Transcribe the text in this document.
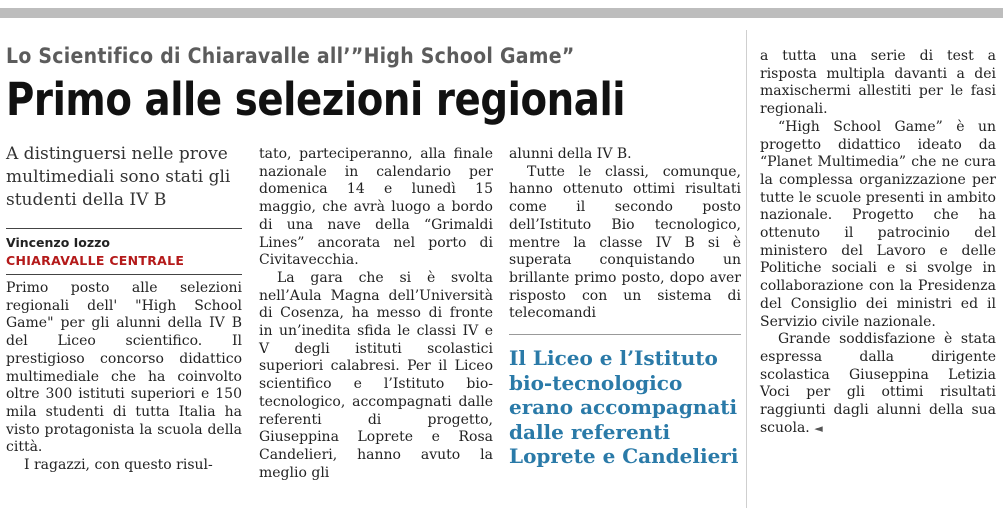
Lo Scientifico di Chiaravalle all’”High School Game”
Primo alle selezioni regionali

A distinguersi nelle prove multimediali sono stati gli studenti della IV B

Vincenzo Iozzo

CHIARAVALLE CENTRALE

Primo posto alle selezioni regionali dell' "High School Game" per gli alunni della IV B del Liceo scientifico. Il prestigioso concorso didattico multimediale che ha coinvolto oltre 300 istituti superiori e 150 mila studenti di tutta Italia ha visto protagonista la scuola della città.

I ragazzi, con questo risul-

tato, parteciperanno, alla finale nazionale in calendario per domenica 14 e lunedì 15 maggio, che avrà luogo a bordo di una nave della “Grimaldi Lines” ancorata nel porto di Civitavecchia.

La gara che si è svolta nell’Aula Magna dell’Università di Cosenza, ha messo di fronte in un’inedita sfida le classi IV e V degli istituti scolastici superiori calabresi. Per il Liceo scientifico e l’Istituto bio-tecnologico, accompagnati dalle referenti di progetto, Giuseppina Loprete e Rosa Candelieri, hanno avuto la meglio gli

alunni della IV B.

Tutte le classi, comunque, hanno ottenuto ottimi risultati come il secondo posto dell’Istituto Bio tecnologico, mentre la classe IV B si è superata conquistando un brillante primo posto, dopo aver risposto con un sistema di telecomandi

Il Liceo e l’Istituto bio-tecnologico erano accompagnati dalle referenti Loprete e Candelieri

a tutta una serie di test a risposta multipla davanti a dei maxischermi allestiti per le fasi regionali.

“High School Game” è un progetto didattico ideato da “Planet Multimedia” che ne cura la complessa organizzazione per tutte le scuole presenti in ambito nazionale. Progetto che ha ottenuto il patrocinio del ministero del Lavoro e delle Politiche sociali e si svolge in collaborazione con la Presidenza del Consiglio dei ministri ed il Servizio civile nazionale.

Grande soddisfazione è stata espressa dalla dirigente scolastica Giuseppina Letizia Voci per gli ottimi risultati raggiunti dagli alunni della sua scuola. ◄
